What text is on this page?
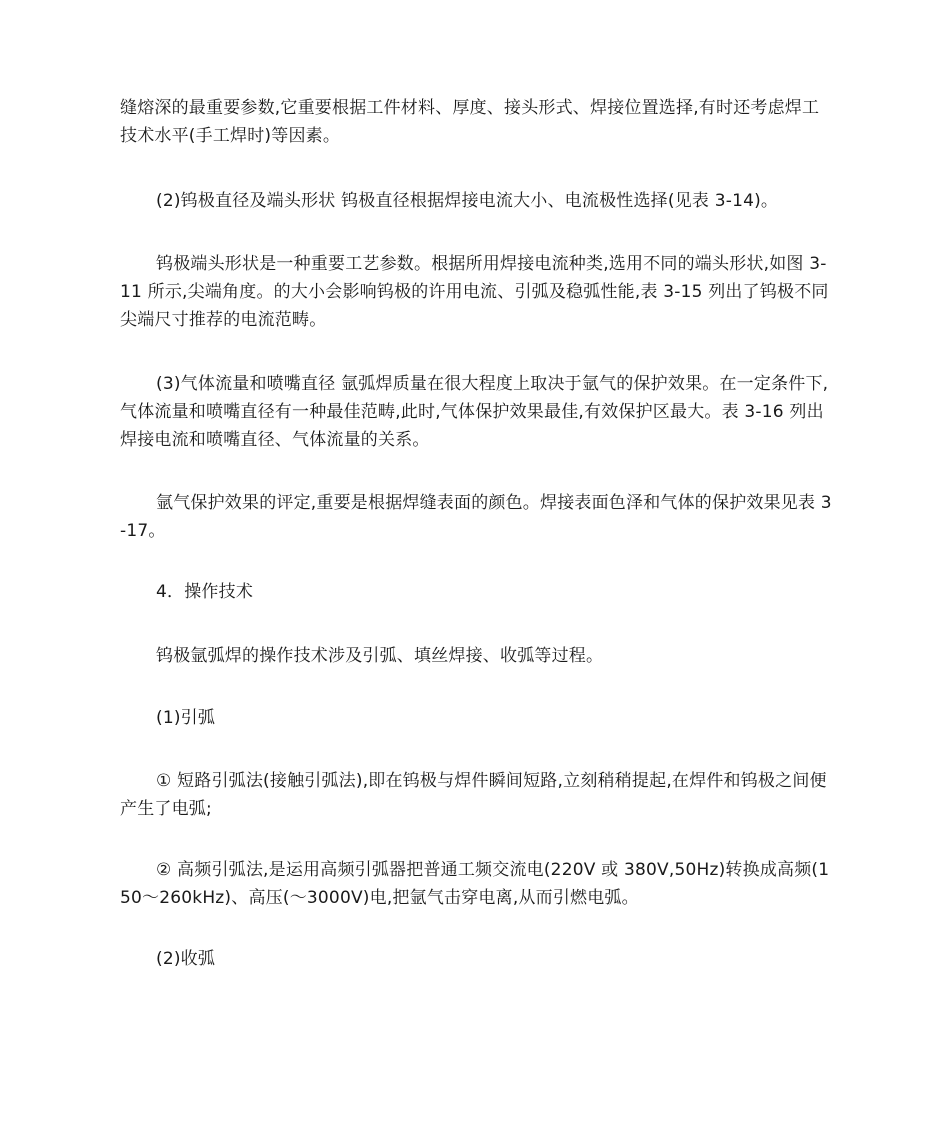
缝熔深的最重要参数,它重要根据工件材料、厚度、接头形式、焊接位置选择,有时还考虑焊工技术水平(手工焊时)等因素。

(2)钨极直径及端头形状 钨极直径根据焊接电流大小、电流极性选择(见表 3-14)。

钨极端头形状是一种重要工艺参数。根据所用焊接电流种类,选用不同的端头形状,如图 3-11 所示,尖端角度。的大小会影响钨极的许用电流、引弧及稳弧性能,表 3-15 列出了钨极不同尖端尺寸推荐的电流范畴。

(3)气体流量和喷嘴直径 氩弧焊质量在很大程度上取决于氩气的保护效果。在一定条件下,气体流量和喷嘴直径有一种最佳范畴,此时,气体保护效果最佳,有效保护区最大。表 3-16 列出焊接电流和喷嘴直径、气体流量的关系。

氩气保护效果的评定,重要是根据焊缝表面的颜色。焊接表面色泽和气体的保护效果见表 3-17。

4．操作技术

钨极氩弧焊的操作技术涉及引弧、填丝焊接、收弧等过程。

(1)引弧

① 短路引弧法(接触引弧法),即在钨极与焊件瞬间短路,立刻稍稍提起,在焊件和钨极之间便产生了电弧;

② 高频引弧法,是运用高频引弧器把普通工频交流电(220V 或 380V,50Hz)转换成高频(150～260kHz)、高压(～3000V)电,把氩气击穿电离,从而引燃电弧。

(2)收弧
